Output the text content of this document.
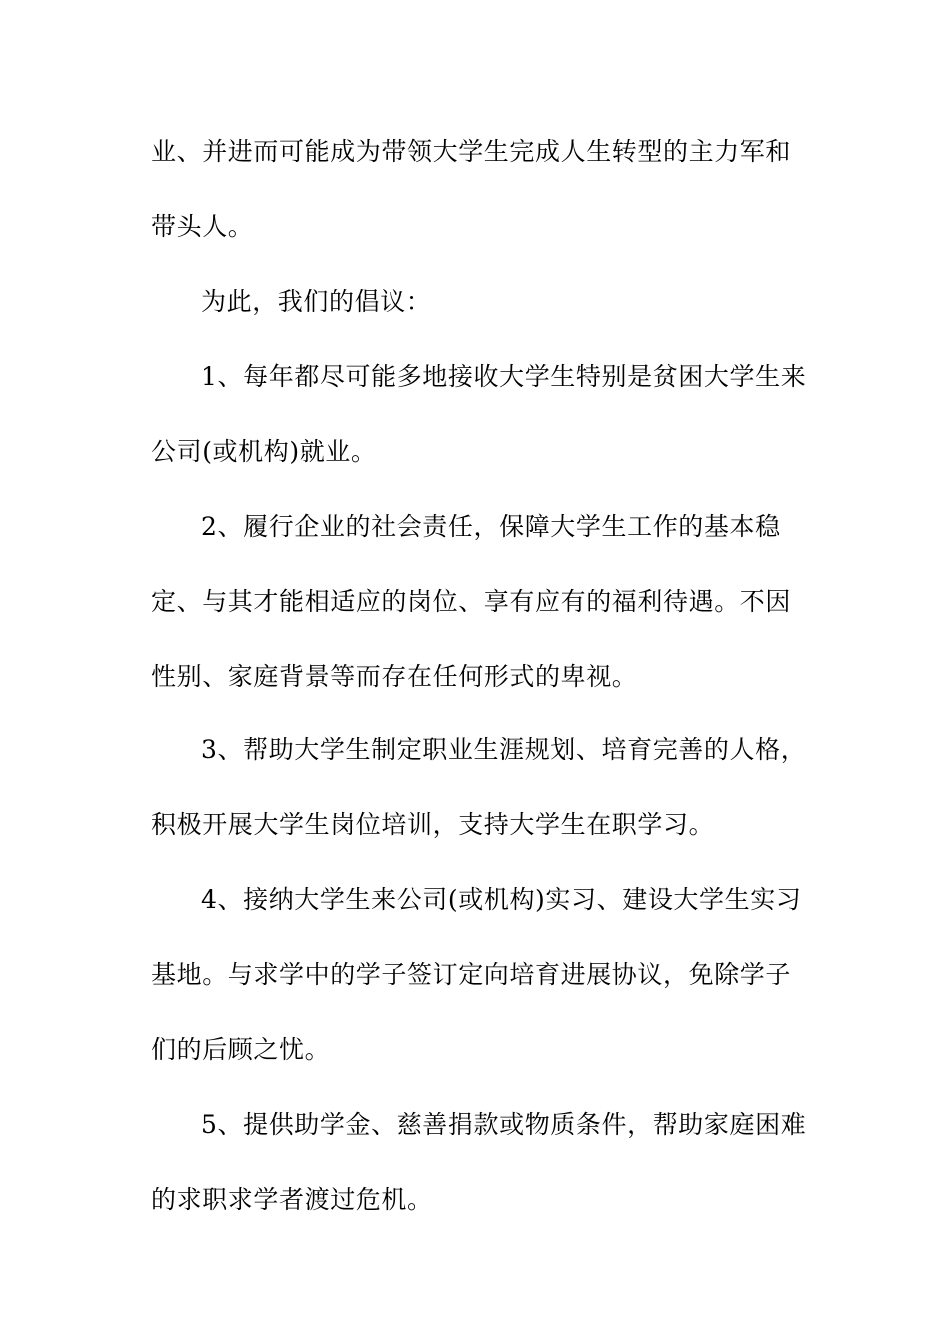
业、并进而可能成为带领大学生完成人生转型的主力军和
带头人。
为此，我们的倡议：
1、每年都尽可能多地接收大学生特别是贫困大学生来
公司(或机构)就业。
2、履行企业的社会责任，保障大学生工作的基本稳
定、与其才能相适应的岗位、享有应有的福利待遇。不因
性别、家庭背景等而存在任何形式的卑视。
3、帮助大学生制定职业生涯规划、培育完善的人格，
积极开展大学生岗位培训，支持大学生在职学习。
4、接纳大学生来公司(或机构)实习、建设大学生实习
基地。与求学中的学子签订定向培育进展协议，免除学子
们的后顾之忧。
5、提供助学金、慈善捐款或物质条件，帮助家庭困难
的求职求学者渡过危机。
